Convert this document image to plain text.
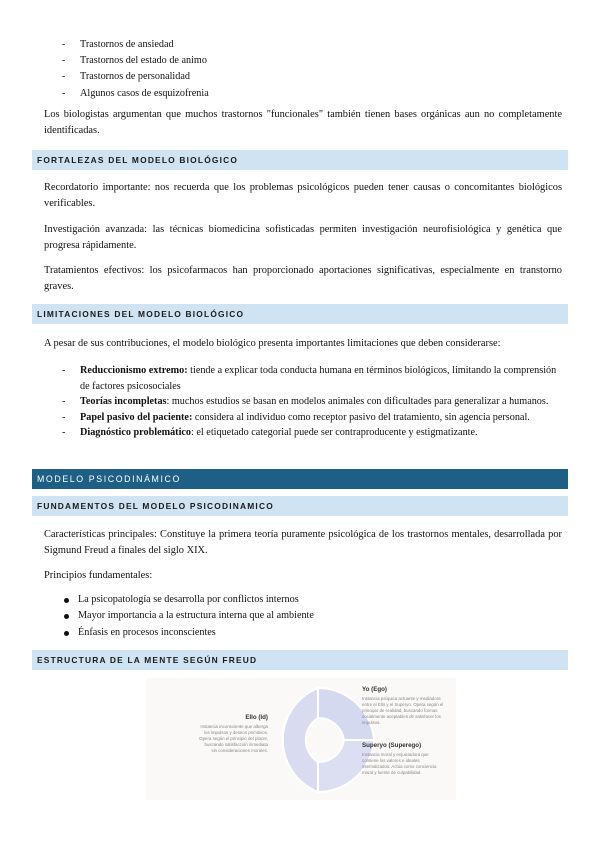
- Trastornos de ansiedad
- Trastornos del estado de animo
- Trastornos de personalidad
- Algunos casos de esquizofrenia
Los biologistas argumentan que muchos trastornos "funcionales" también tienen bases orgánicas aun no completamente identificadas.
FORTALEZAS DEL MODELO BIOLÓGICO
Recordatorio importante: nos recuerda que los problemas psicológicos pueden tener causas o concomitantes biológicos verificables.
Investigación avanzada: las técnicas biomedicina sofisticadas permiten investigación neurofisiológica y genética que progresa rápidamente.
Tratamientos efectivos: los psicofarmacos han proporcionado aportaciones significativas, especialmente en transtorno graves.
LIMITACIONES DEL MODELO BIOLÓGICO
A pesar de sus contribuciones, el modelo biológico presenta importantes limitaciones que deben considerarse:
- Reduccionismo extremo: tiende a explicar toda conducta humana en términos biológicos, limitando la comprensión de factores psicosociales
- Teorías incompletas: muchos estudios se basan en modelos animales con dificultades para generalizar a humanos.
- Papel pasivo del paciente: considera al individuo como receptor pasivo del tratamiento, sin agencia personal.
- Diagnóstico problemático: el etiquetado categorial puede ser contraproducente y estigmatizante.
MODELO PSICODINÁMICO
FUNDAMENTOS DEL MODELO PSICODINAMICO
Características principales: Constituye la primera teoría puramente psicológica de los trastornos mentales, desarrollada por Sigmund Freud a finales del siglo XIX.
Principios fundamentales:
La psicopatología se desarrolla por conflictos internos
Mayor importancia a la estructura interna que al ambiente
Énfasis en procesos inconscientes
ESTRUCTURA DE LA MENTE SEGÚN FREUD
Ello (Id)
Instancia inconsciente que alberga los impulsos y deseos primitivos. Opera según el principio del placer, buscando satisfacción inmediata sin consideraciones morales.
Yo (Ego)
Instancia psíquica actuante y mediadora entre el Ello y el Superyo. Opera según el principio de realidad, buscando formas socialmente aceptables de satisfacer los impulsos.
Superyo (Superego)
Instancia moral y enjuiciadora que contiene los valores e ideales internalizados. Actúa como conciencia moral y fuente de culpabilidad.
